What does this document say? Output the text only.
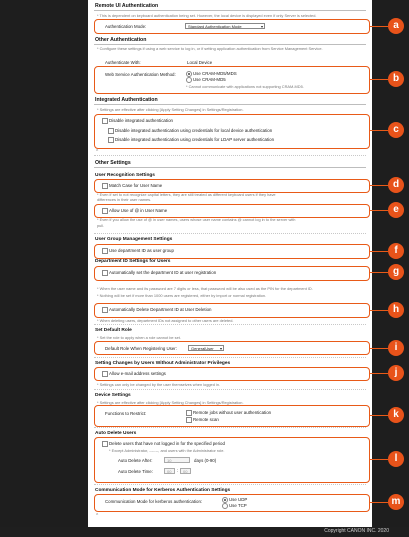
Remote UI Authentication
* This is dependent on keyboard authentication being set. However, the local device is displayed even if only Server is selected.
Authentication Mode:	Standard Authentication Mode	▾
Other Authentication
* Configure these settings if using a web service to log in, or if setting application authentication from Service Management Service.
Authenticate With:	Local Device
Web Service Authentication Method:	Use CRAM-MD5/MDS
Use CRAM-MD5
* Cannot communicate with applications not supporting CRAM-MD5.
Integrated Authentication
* Settings are effective after clicking [Apply Setting Changes] in Settings/Registration.
Disable integrated authentication
Disable integrated authentication using credentials for local device authentication
Disable integrated authentication using credentials for LDAP server authentication
⌃
Other Settings
User Recognition Settings
Match Case for User Name
* Even if set to not recognize capital letters, they are still treated as different keyboard users if they have
differences in their user names.
Allow Use of @ in User Name
* Even if you allow the use of @ in user names, users whose user name contains @ cannot log in to the server with
pull.
User Group Management Settings
Use department ID as user group
Department ID Settings for Users
Automatically set the department ID at user registration
* When the user name and its password are 7 digits or less, that password will be also used as the PIN for the department ID.
* Nothing will be set if more than 1000 users are registered, either by import or normal registration.
Automatically Delete Department ID at User Deletion
* When deleting users, department IDs not assigned to other users are deleted.
Set Default Role
* Set the role to apply when a role cannot be set.
Default Role When Registering User:	GeneralUser ▾
Setting Changes by Users Without Administrator Privileges
Allow e-mail address settings
* Settings can only be changed by the user themselves when logged in.
Device Settings
* Settings are effective after clicking [Apply Setting Changes] in Settings/Registration.
Functions to Restrict:	Remote jobs without user authentication
Remote scan
Auto Delete Users
Delete users that have not logged in for the specified period
* Except Administrator, -------, and users with the Administrator role.
Auto Delete After:	10	days (0-90)
Auto Delete Time:	00	:	00
Communication Mode for Kerberos Authentication Settings
Communication Mode for kerberos authentication:	Use UDP
Use TCP
⌃
a
b
c
d
e
f
g
h
i
j
k
l
m
Copyright CANON INC. 2020
